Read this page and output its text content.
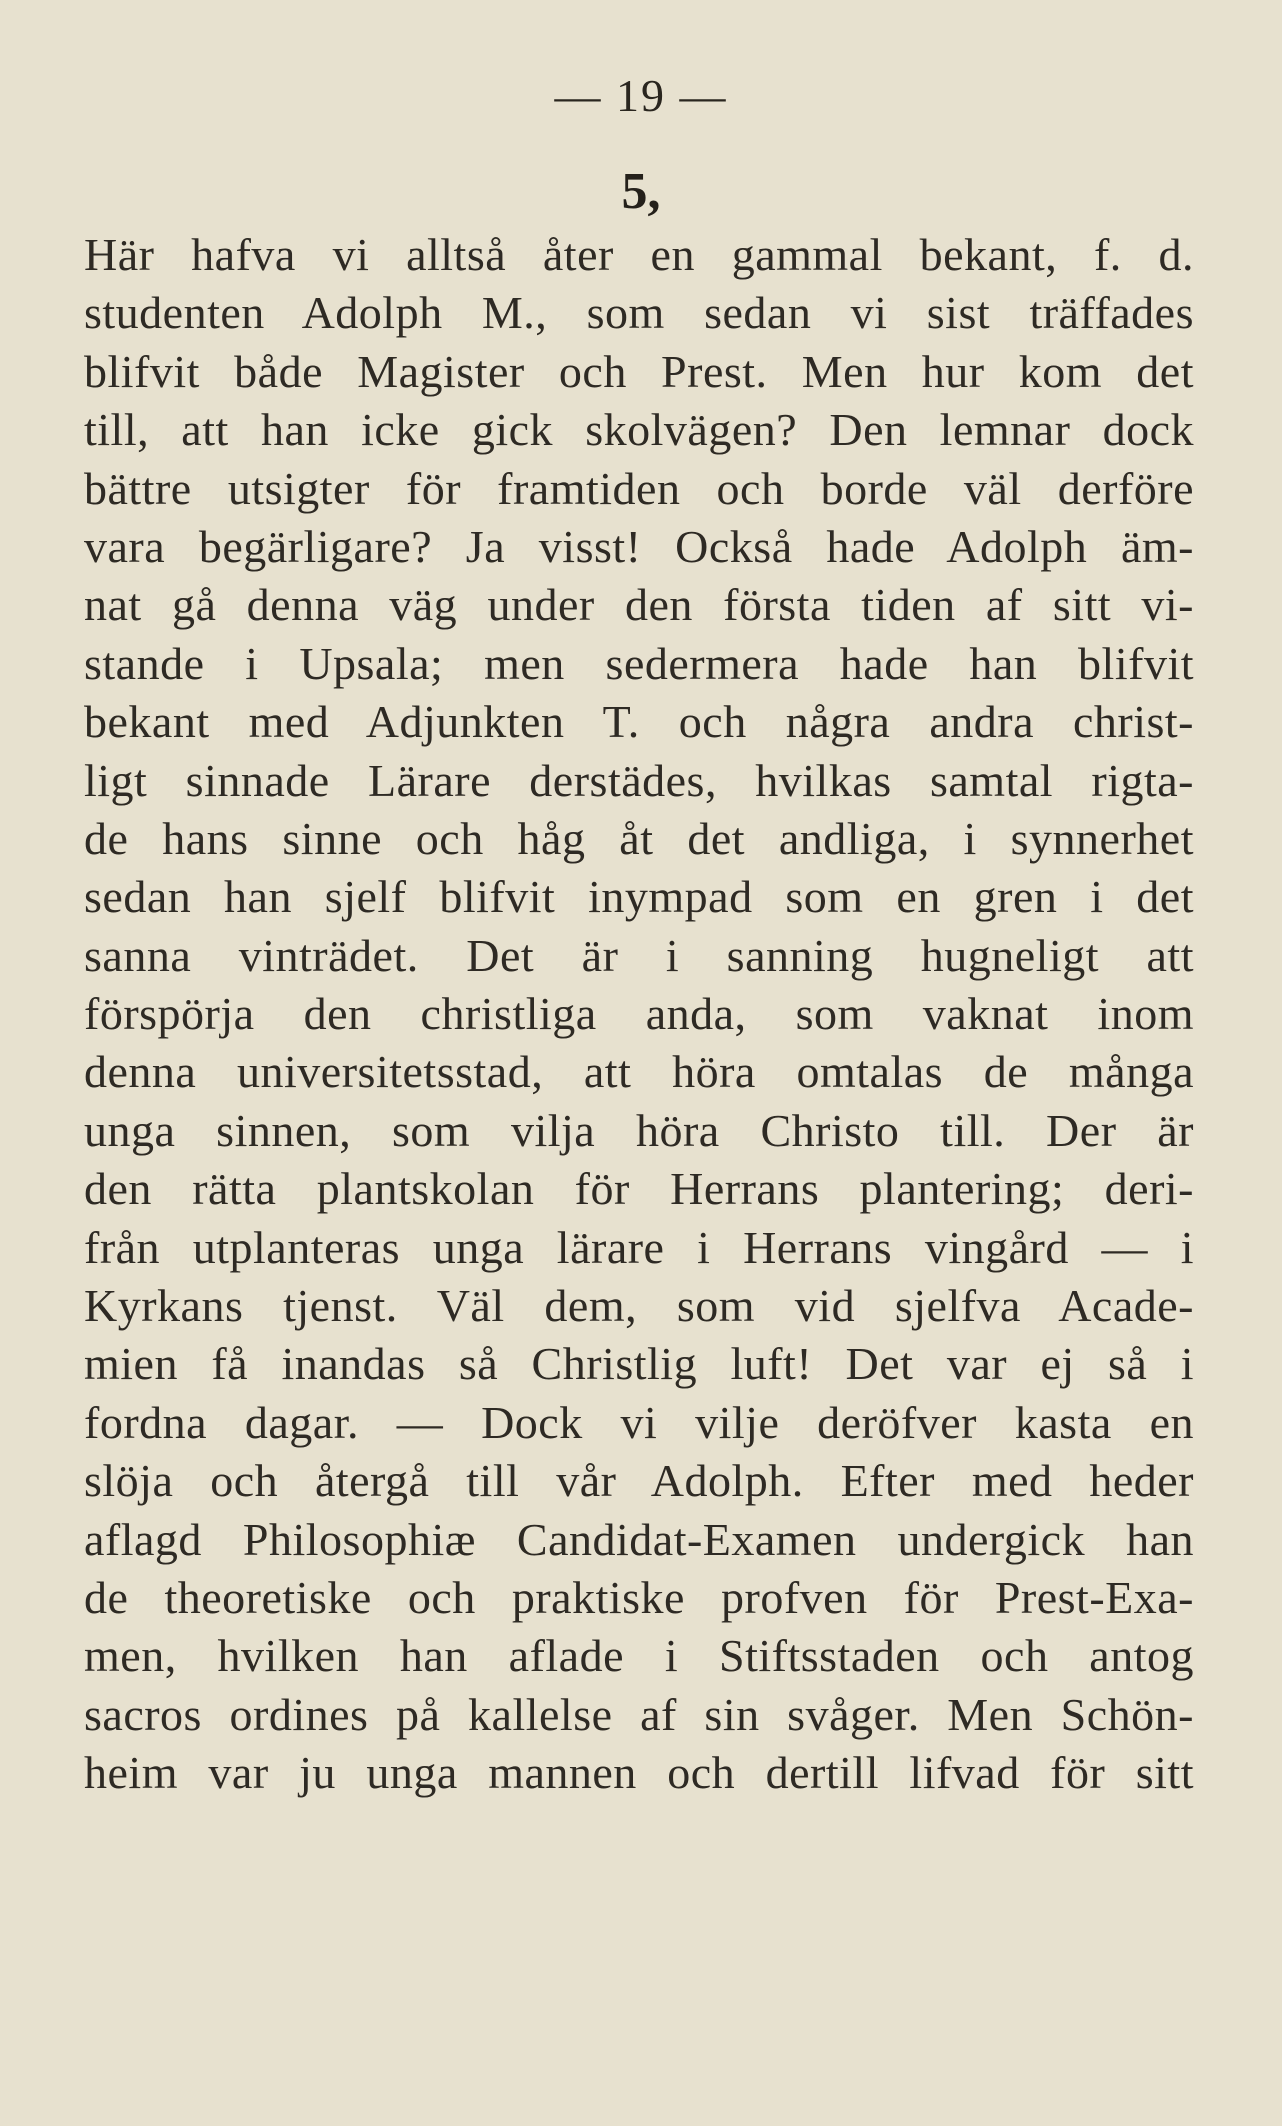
— 19 —
5,
Här hafva vi alltså åter en gammal bekant, f. d.
studenten Adolph M., som sedan vi sist träffades
blifvit både Magister och Prest. Men hur kom det
till, att han icke gick skolvägen? Den lemnar dock
bättre utsigter för framtiden och borde väl derföre
vara begärligare? Ja visst! Också hade Adolph äm-
nat gå denna väg under den första tiden af sitt vi-
stande i Upsala; men sedermera hade han blifvit
bekant med Adjunkten T. och några andra christ-
ligt sinnade Lärare derstädes, hvilkas samtal rigta-
de hans sinne och håg åt det andliga, i synnerhet
sedan han sjelf blifvit inympad som en gren i det
sanna vinträdet. Det är i sanning hugneligt att
förspörja den christliga anda, som vaknat inom
denna universitetsstad, att höra omtalas de många
unga sinnen, som vilja höra Christo till. Der är
den rätta plantskolan för Herrans plantering; deri-
från utplanteras unga lärare i Herrans vingård — i
Kyrkans tjenst. Väl dem, som vid sjelfva Acade-
mien få inandas så Christlig luft! Det var ej så i
fordna dagar. — Dock vi vilje deröfver kasta en
slöja och återgå till vår Adolph. Efter med heder
aflagd Philosophiæ Candidat-Examen undergick han
de theoretiske och praktiske profven för Prest-Exa-
men, hvilken han aflade i Stiftsstaden och antog
sacros ordines på kallelse af sin svåger. Men Schön-
heim var ju unga mannen och dertill lifvad för sitt
